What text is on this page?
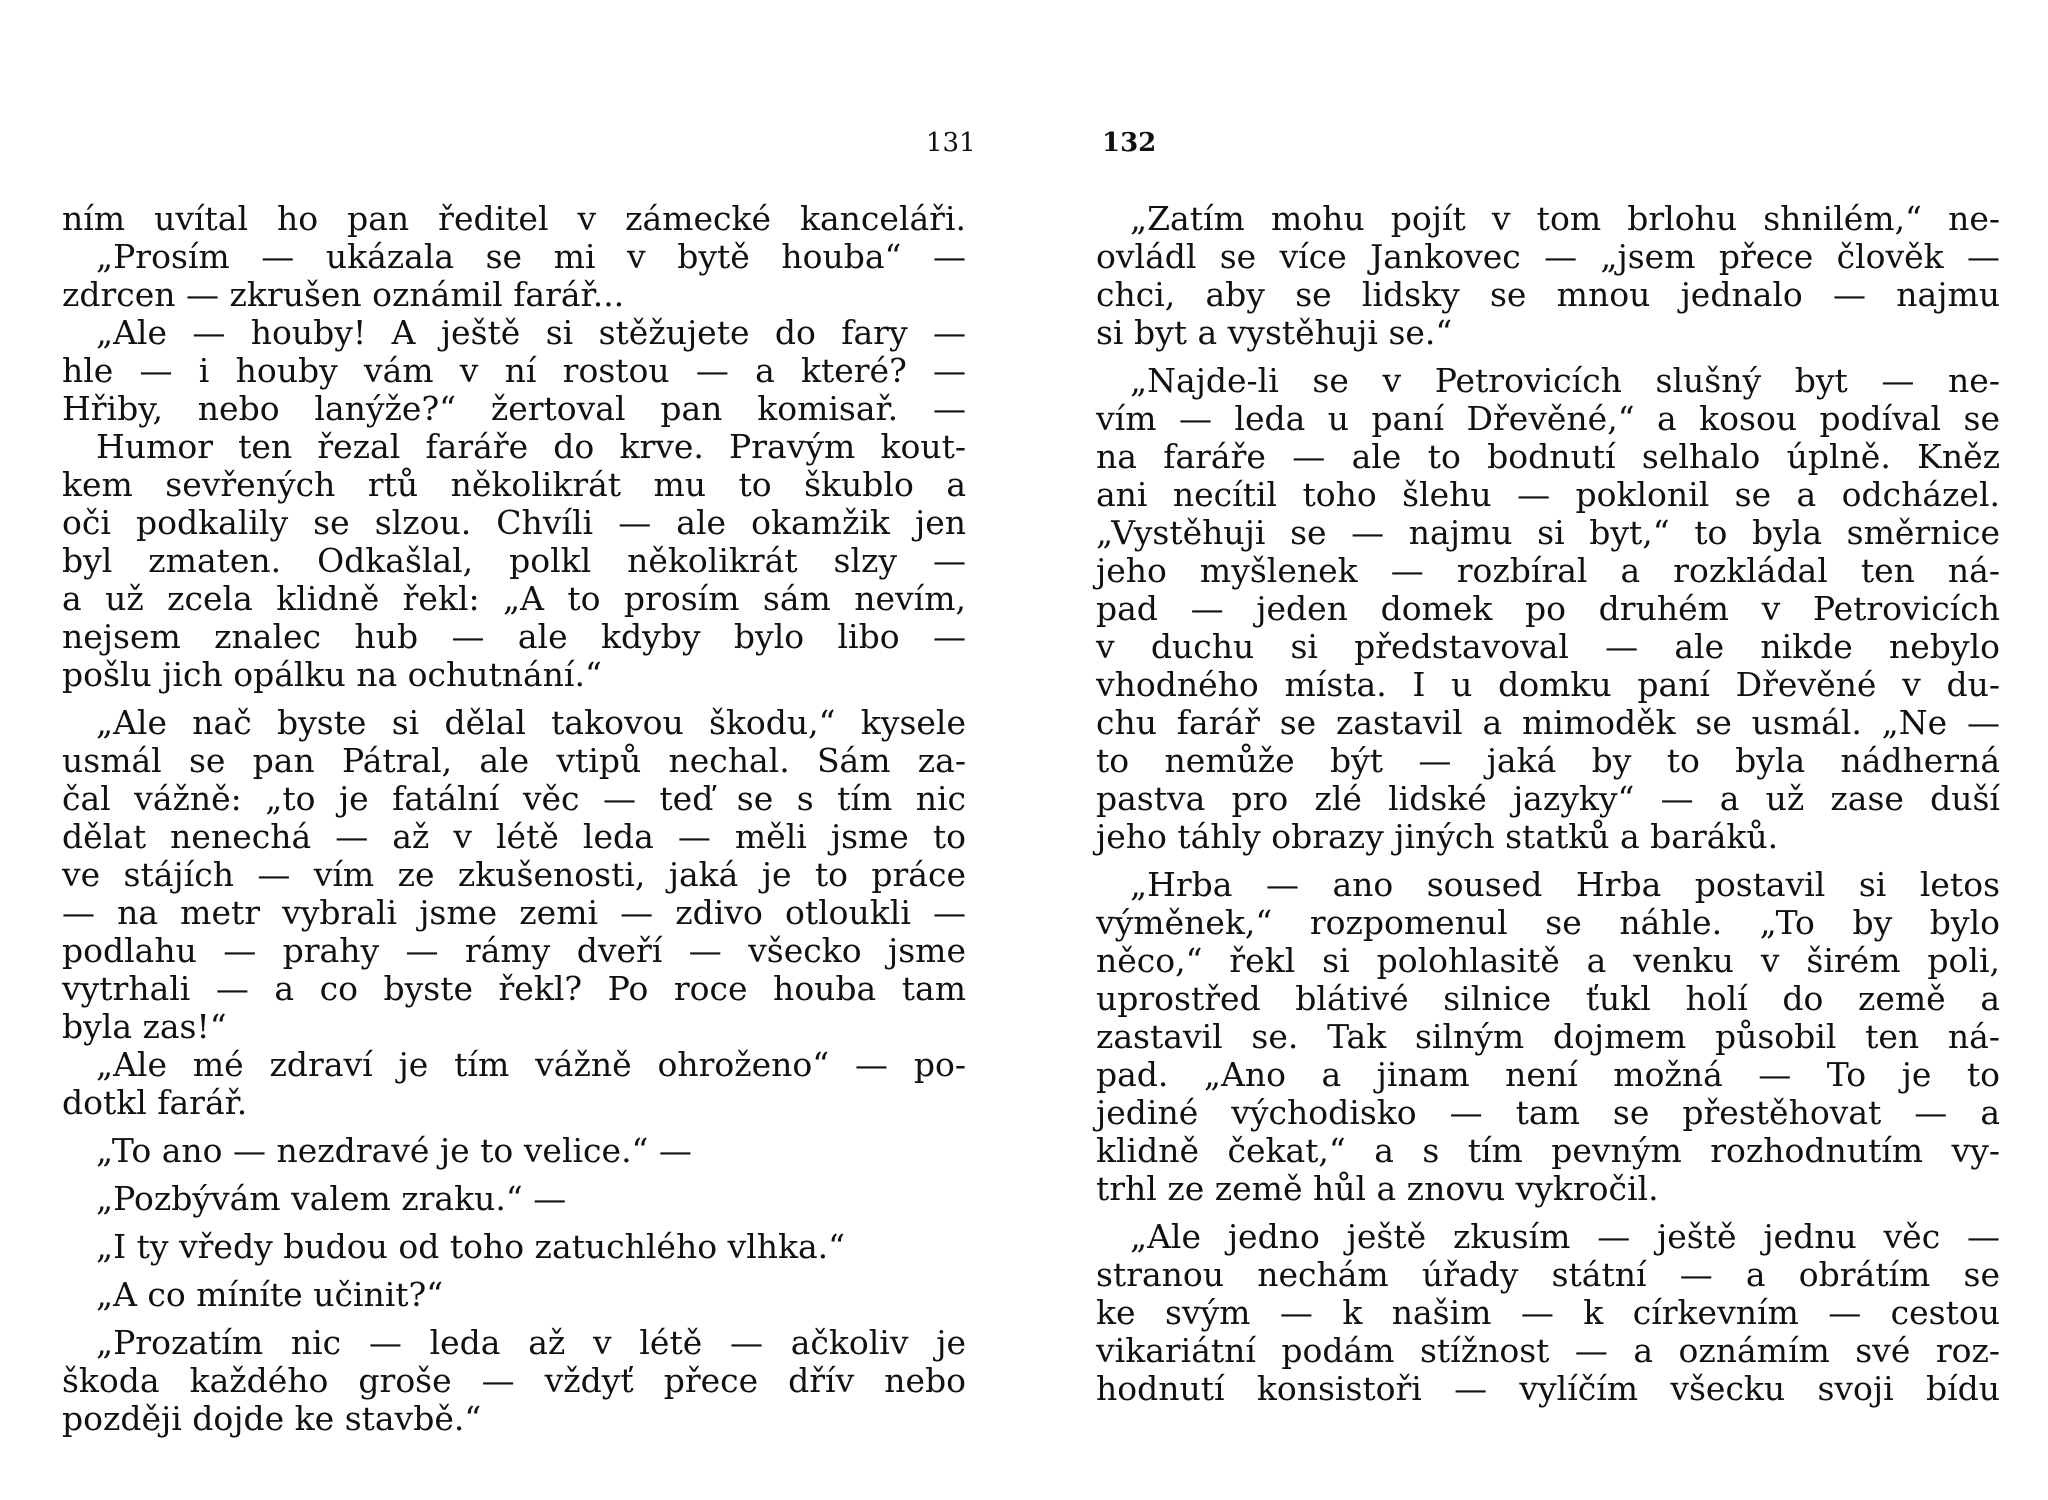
131	132
ním uvítal ho pan ředitel v zámecké kanceláři.
„Prosím — ukázala se mi v bytě houba“ —
zdrcen — zkrušen oznámil farář...
„Ale — houby! A ještě si stěžujete do fary —
hle — i houby vám v ní rostou — a které? —
Hřiby, nebo lanýže?“ žertoval pan komisař. —
Humor ten řezal faráře do krve. Pravým kout-
kem sevřených rtů několikrát mu to škublo a
oči podkalily se slzou. Chvíli — ale okamžik jen
byl zmaten. Odkašlal, polkl několikrát slzy —
a už zcela klidně řekl: „A to prosím sám nevím,
nejsem znalec hub — ale kdyby bylo libo —
pošlu jich opálku na ochutnání.“
„Ale nač byste si dělal takovou škodu,“ kysele
usmál se pan Pátral, ale vtipů nechal. Sám za-
čal vážně: „to je fatální věc — teď se s tím nic
dělat nenechá — až v létě leda — měli jsme to
ve stájích — vím ze zkušenosti, jaká je to práce
— na metr vybrali jsme zemi — zdivo otloukli —
podlahu — prahy — rámy dveří — všecko jsme
vytrhali — a co byste řekl? Po roce houba tam
byla zas!“
„Ale mé zdraví je tím vážně ohroženo“ — po-
dotkl farář.
„To ano — nezdravé je to velice.“ —
„Pozbývám valem zraku.“ —
„I ty vředy budou od toho zatuchlého vlhka.“
„A co míníte učinit?“
„Prozatím nic — leda až v létě — ačkoliv je
škoda každého groše — vždyť přece dřív nebo
později dojde ke stavbě.“
„Zatím mohu pojít v tom brlohu shnilém,“ ne-
ovládl se více Jankovec — „jsem přece člověk —
chci, aby se lidsky se mnou jednalo — najmu
si byt a vystěhuji se.“
„Najde-li se v Petrovicích slušný byt — ne-
vím — leda u paní Dřevěné,“ a kosou podíval se
na faráře — ale to bodnutí selhalo úplně. Kněz
ani necítil toho šlehu — poklonil se a odcházel.
„Vystěhuji se — najmu si byt,“ to byla směrnice
jeho myšlenek — rozbíral a rozkládal ten ná-
pad — jeden domek po druhém v Petrovicích
v duchu si představoval — ale nikde nebylo
vhodného místa. I u domku paní Dřevěné v du-
chu farář se zastavil a mimoděk se usmál. „Ne —
to nemůže být — jaká by to byla nádherná
pastva pro zlé lidské jazyky“ — a už zase duší
jeho táhly obrazy jiných statků a baráků.
„Hrba — ano soused Hrba postavil si letos
výměnek,“ rozpomenul se náhle. „To by bylo
něco,“ řekl si polohlasitě a venku v širém poli,
uprostřed blátivé silnice ťukl holí do země a
zastavil se. Tak silným dojmem působil ten ná-
pad. „Ano a jinam není možná — To je to
jediné východisko — tam se přestěhovat — a
klidně čekat,“ a s tím pevným rozhodnutím vy-
trhl ze země hůl a znovu vykročil.
„Ale jedno ještě zkusím — ještě jednu věc —
stranou nechám úřady státní — a obrátím se
ke svým — k našim — k církevním — cestou
vikariátní podám stížnost — a oznámím své roz-
hodnutí konsistoři — vylíčím všecku svoji bídu
